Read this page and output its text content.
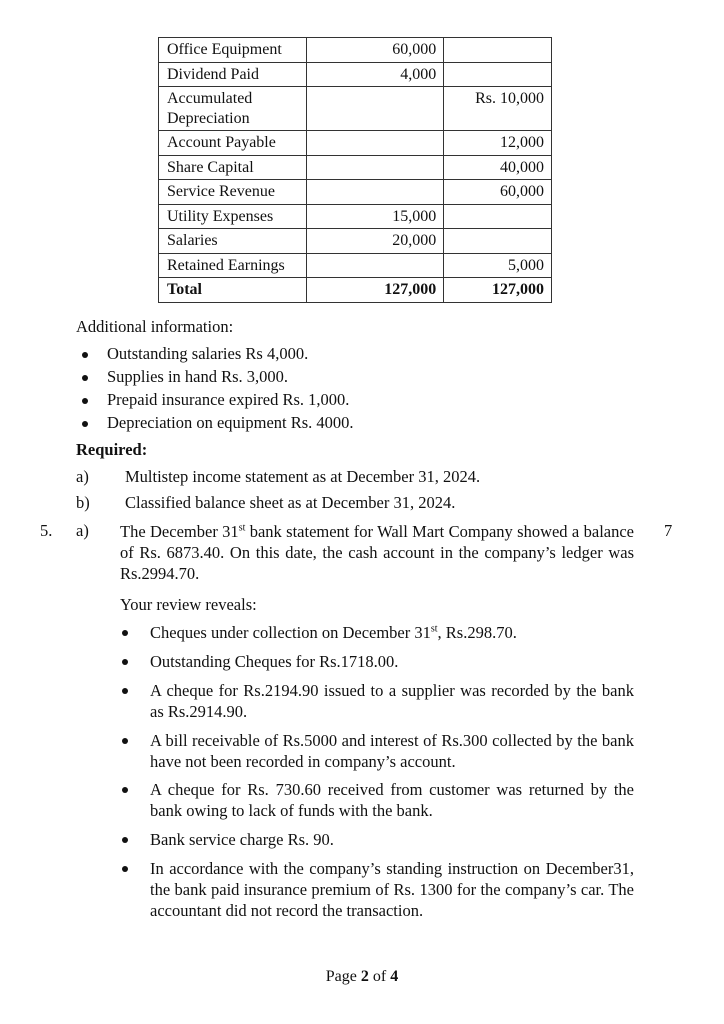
Office Equipment	60,000	
Dividend Paid	4,000	
Accumulated Depreciation		Rs. 10,000
Account Payable		12,000
Share Capital		40,000
Service Revenue		60,000
Utility Expenses	15,000	
Salaries	20,000	
Retained Earnings		5,000
Total	127,000	127,000
Additional information:
Outstanding salaries Rs 4,000.
Supplies in hand Rs. 3,000.
Prepaid insurance expired Rs. 1,000.
Depreciation on equipment Rs. 4000.
Required:
a) Multistep income statement as at December 31, 2024.
b) Classified balance sheet as at December 31, 2024.
5. a)	7
The December 31st bank statement for Wall Mart Company showed a balance of Rs. 6873.40. On this date, the cash account in the company’s ledger was Rs.2994.70.
Your review reveals:
Cheques under collection on December 31st, Rs.298.70.
Outstanding Cheques for Rs.1718.00.
A cheque for Rs.2194.90 issued to a supplier was recorded by the bank as Rs.2914.90.
A bill receivable of Rs.5000 and interest of Rs.300 collected by the bank have not been recorded in company’s account.
A cheque for Rs. 730.60 received from customer was returned by the bank owing to lack of funds with the bank.
Bank service charge Rs. 90.
In accordance with the company’s standing instruction on December31, the bank paid insurance premium of Rs. 1300 for the company’s car. The accountant did not record the transaction.
Page 2 of 4
